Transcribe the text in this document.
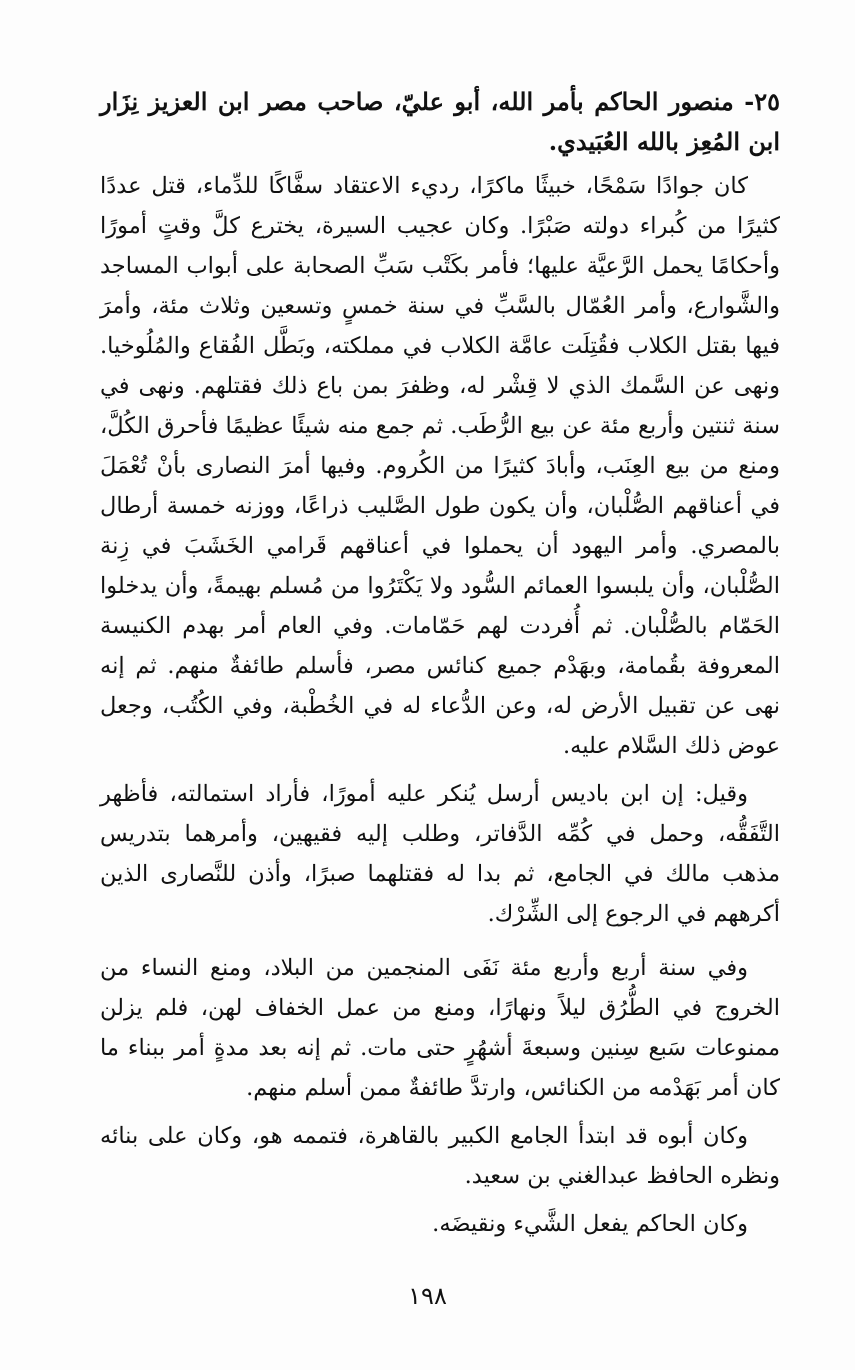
٢٥- منصور الحاكم بأمر الله، أبو عليّ، صاحب مصر ابن العزيز نِزَار ابن المُعِز بالله العُبَيدي.

كان جوادًا سَمْحًا، خبيثًا ماكرًا، رديء الاعتقاد سفَّاكًا للدِّماء، قتل عددًا كثيرًا من كُبراء دولته صَبْرًا. وكان عجيب السيرة، يخترع كلَّ وقتٍ أمورًا وأحكامًا يحمل الرَّعيَّة عليها؛ فأمر بكَتْب سَبِّ الصحابة على أبواب المساجد والشَّوارع، وأمر العُمّال بالسَّبِّ في سنة خمسٍ وتسعين وثلاث مئة، وأمرَ فيها بقتل الكلاب فقُتِلَت عامَّة الكلاب في مملكته، وبَطَّل الفُقاع والمُلُوخيا. ونهى عن السَّمك الذي لا قِشْر له، وظفرَ بمن باع ذلك فقتلهم. ونهى في سنة ثنتين وأربع مئة عن بيع الرُّطَب. ثم جمع منه شيئًا عظيمًا فأحرق الكُلَّ، ومنع من بيع العِنَب، وأبادَ كثيرًا من الكُروم. وفيها أمرَ النصارى بأنْ تُعْمَلَ في أعناقهم الصُّلْبان، وأن يكون طول الصَّليب ذراعًا، ووزنه خمسة أرطال بالمصري. وأمر اليهود أن يحملوا في أعناقهم قَرامي الخَشَبَ في زِنة الصُّلْبان، وأن يلبسوا العمائم السُّود ولا يَكْتَرُوا من مُسلم بهيمةً، وأن يدخلوا الحَمّام بالصُّلْبان. ثم أُفردت لهم حَمّامات. وفي العام أمر بهدم الكنيسة المعروفة بقُمامة، وبهَدْم جميع كنائس مصر، فأسلم طائفةٌ منهم. ثم إنه نهى عن تقبيل الأرض له، وعن الدُّعاء له في الخُطْبة، وفي الكُتُب، وجعل عوض ذلك السَّلام عليه.

وقيل: إن ابن باديس أرسل يُنكر عليه أمورًا، فأراد استمالته، فأظهر التَّفَقُّه، وحمل في كُمِّه الدَّفاتر، وطلب إليه فقيهين، وأمرهما بتدريس مذهب مالك في الجامع، ثم بدا له فقتلهما صبرًا، وأذن للنَّصارى الذين أكرههم في الرجوع إلى الشِّرْك.

وفي سنة أربع وأربع مئة نَفَى المنجمين من البلاد، ومنع النساء من الخروج في الطُّرُق ليلاً ونهارًا، ومنع من عمل الخفاف لهن، فلم يزلن ممنوعات سَبع سِنين وسبعةَ أشهُرٍ حتى مات. ثم إنه بعد مدةٍ أمر ببناء ما كان أمر بَهَدْمه من الكنائس، وارتدَّ طائفةٌ ممن أسلم منهم.

وكان أبوه قد ابتدأ الجامع الكبير بالقاهرة، فتممه هو، وكان على بنائه ونظره الحافظ عبدالغني بن سعيد.

وكان الحاكم يفعل الشَّيء ونقيضَه.

١٩٨
